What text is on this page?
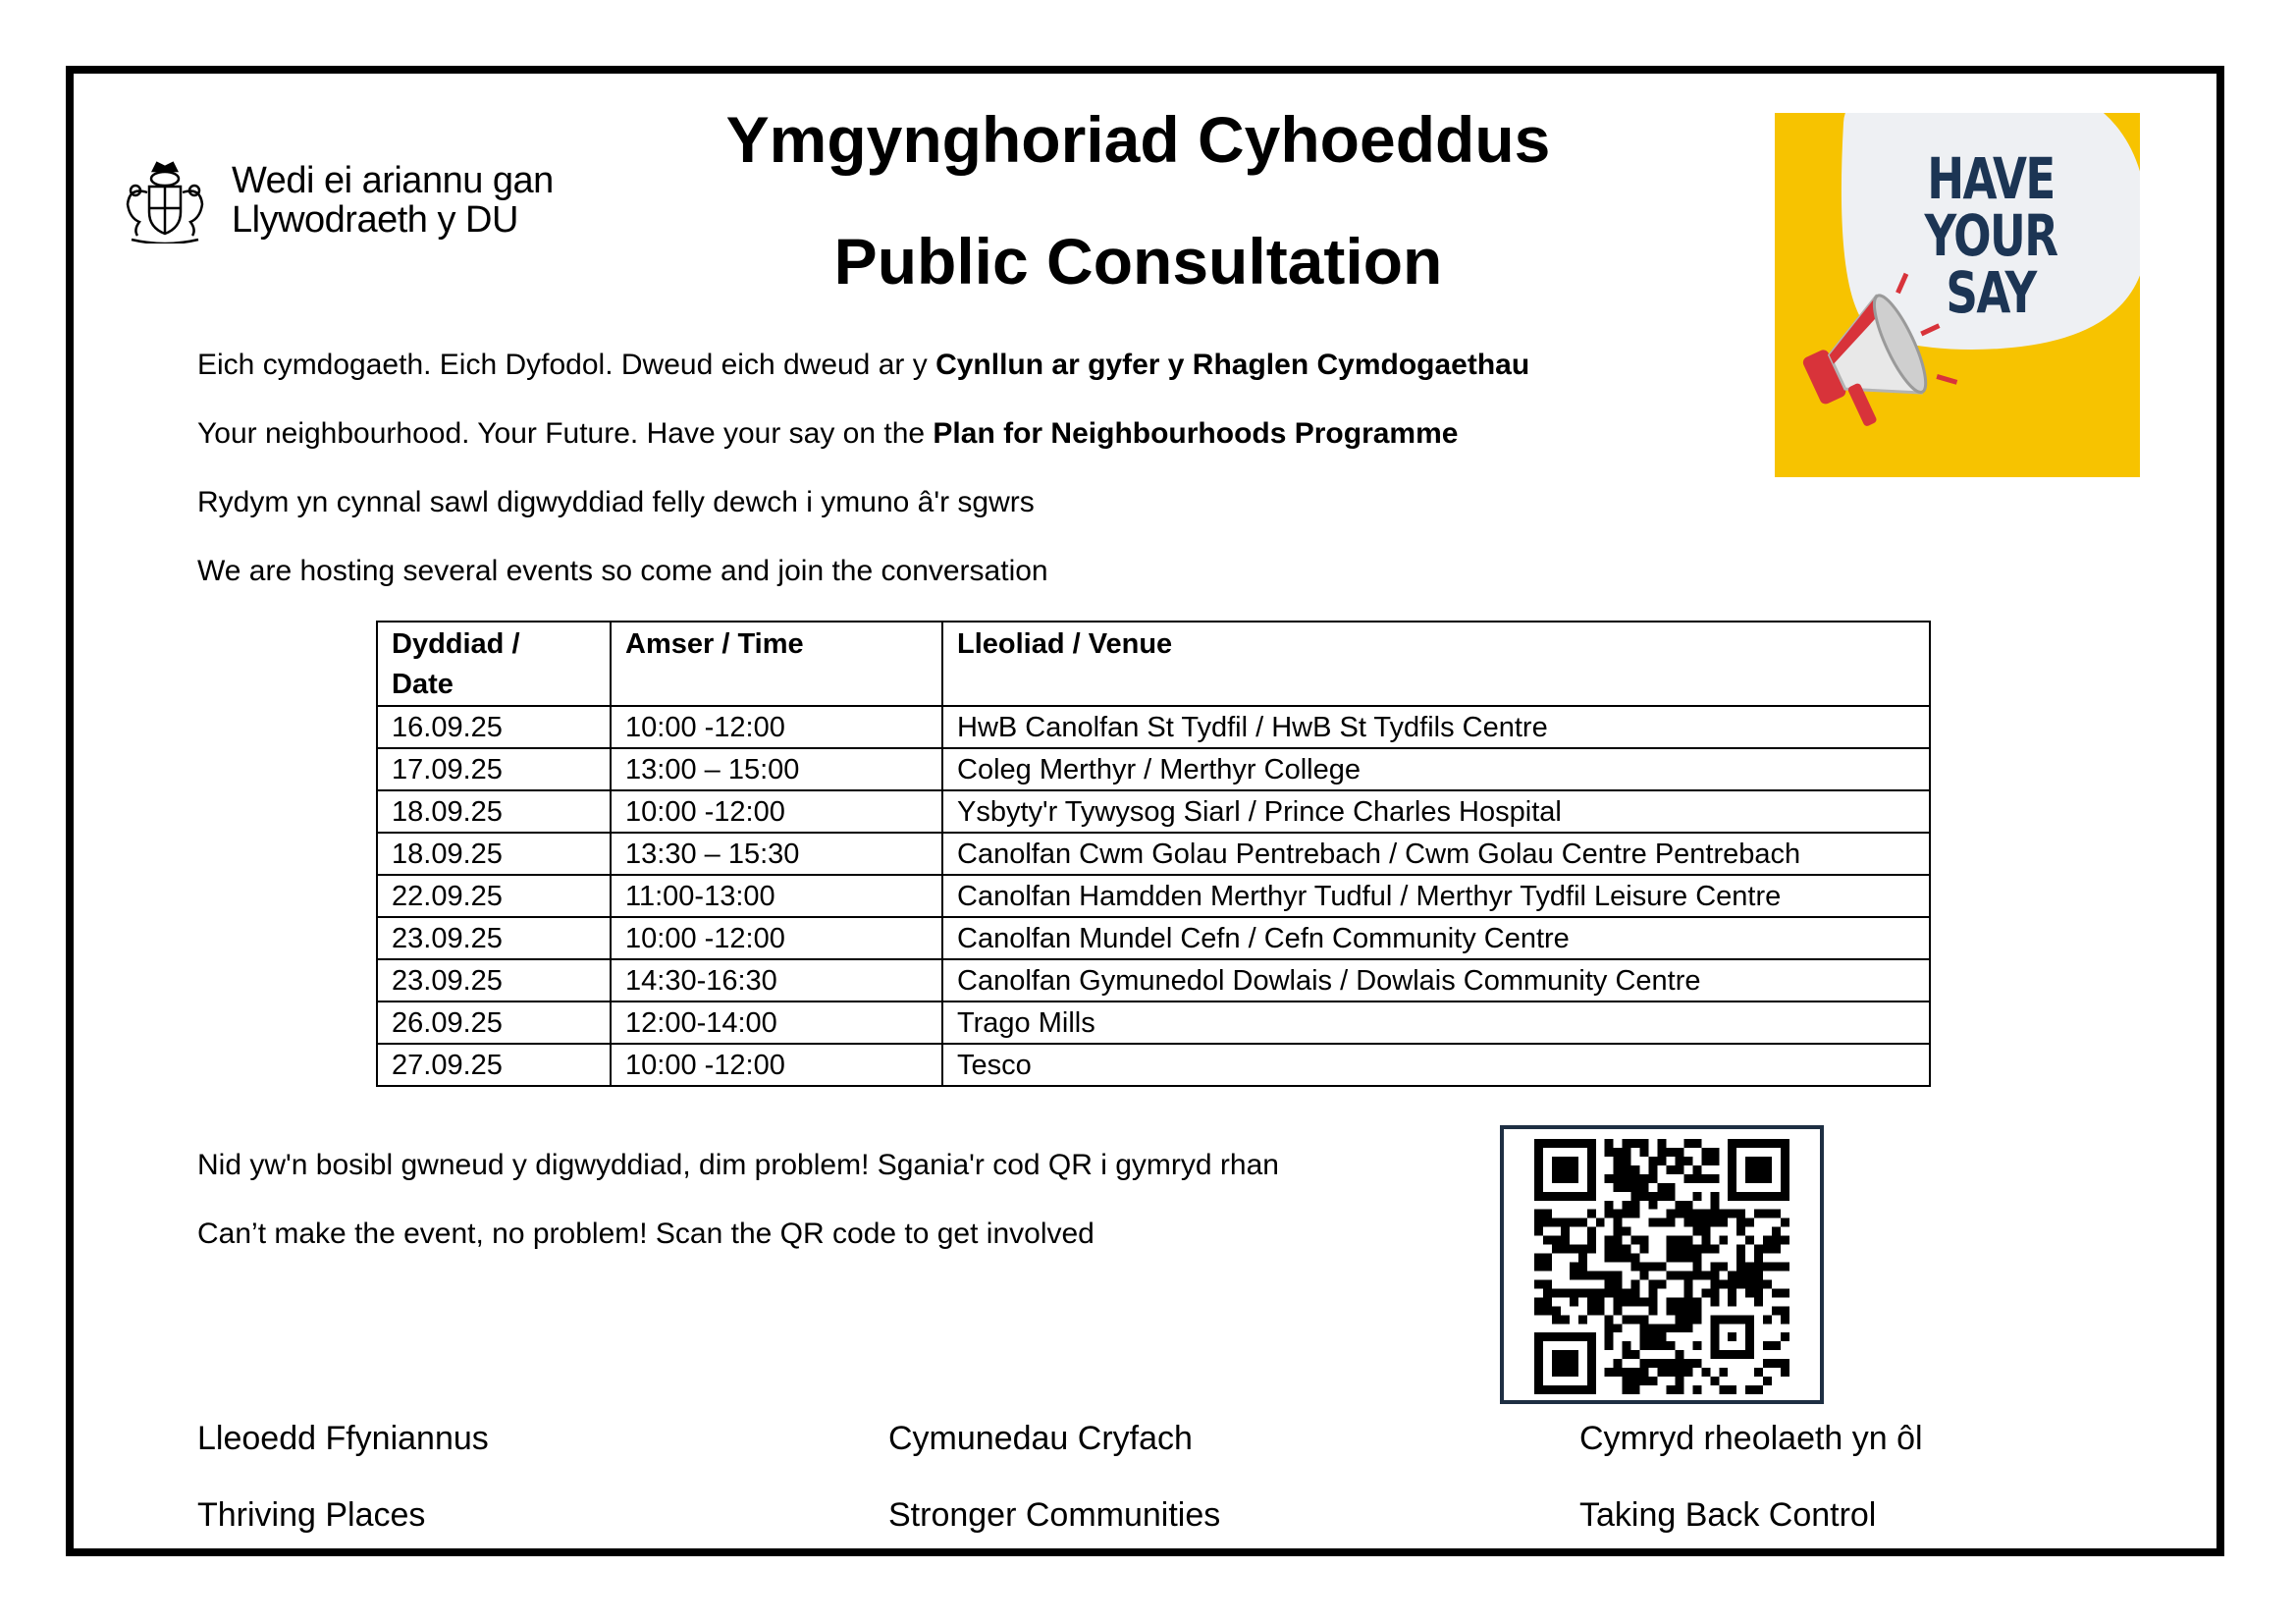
Wedi ei ariannu gan
Llywodraeth y DU
Ymgynghoriad Cyhoeddus
Public Consultation
HAVE
YOUR SAY

Eich cymdogaeth. Eich Dyfodol. Dweud eich dweud ar y Cynllun ar gyfer y Rhaglen Cymdogaethau

Your neighbourhood. Your Future. Have your say on the Plan for Neighbourhoods Programme

Rydym yn cynnal sawl digwyddiad felly dewch i ymuno â'r sgwrs

We are hosting several events so come and join the conversation

Dyddiad /
Date	Amser / Time	Lleoliad / Venue
16.09.25	10:00 -12:00	HwB Canolfan St Tydfil / HwB St Tydfils Centre
17.09.25	13:00 – 15:00	Coleg Merthyr / Merthyr College
18.09.25	10:00 -12:00	Ysbyty'r Tywysog Siarl / Prince Charles Hospital
18.09.25	13:30 – 15:30	Canolfan Cwm Golau Pentrebach / Cwm Golau Centre Pentrebach
22.09.25	11:00-13:00	Canolfan Hamdden Merthyr Tudful / Merthyr Tydfil Leisure Centre
23.09.25	10:00 -12:00	Canolfan Mundel Cefn / Cefn Community Centre
23.09.25	14:30-16:30	Canolfan Gymunedol Dowlais / Dowlais Community Centre
26.09.25	12:00-14:00	Trago Mills
27.09.25	10:00 -12:00	Tesco

Nid yw'n bosibl gwneud y digwyddiad, dim problem! Sgania'r cod QR i gymryd rhan

Can’t make the event, no problem! Scan the QR code to get involved

Lleoedd Ffyniannus

Thriving Places

Cymunedau Cryfach

Stronger Communities

Cymryd rheolaeth yn ôl

Taking Back Control
